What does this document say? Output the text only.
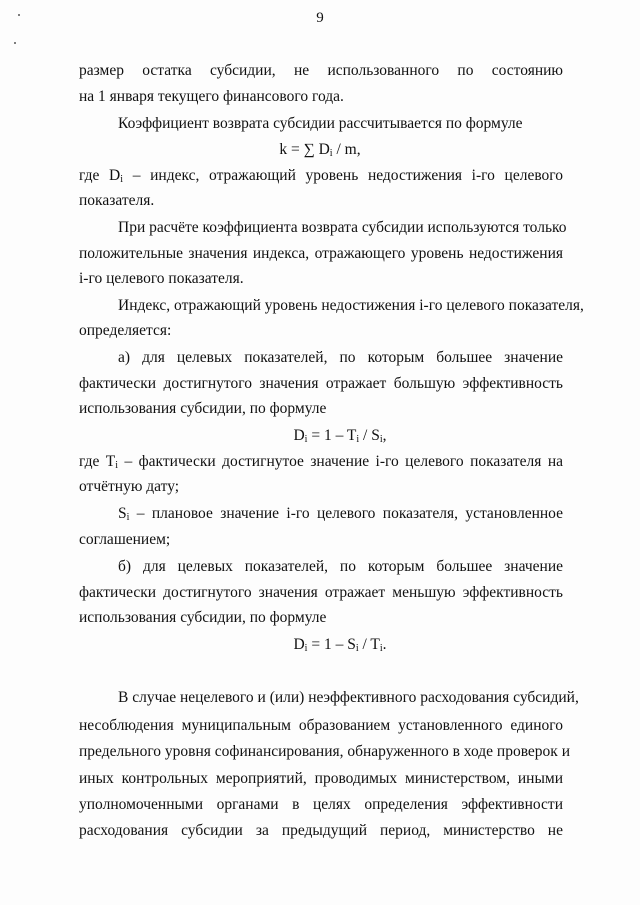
9
размер остатка субсидии, не использованного по состоянию
на 1 января текущего финансового года.
Коэффициент возврата субсидии рассчитывается по формуле
k = ∑ $D_i$ / m,
где $D_i$ – индекс, отражающий уровень недостижения i-го целевого
показателя.
При расчёте коэффициента возврата субсидии используются только
положительные значения индекса, отражающего уровень недостижения
i-го целевого показателя.
Индекс, отражающий уровень недостижения i-го целевого показателя,
определяется:
а) для целевых показателей, по которым большее значение
фактически достигнутого значения отражает большую эффективность
использования субсидии, по формуле
$D_i = 1 - T_i / S_i$,
где $T_i$ – фактически достигнутое значение i-го целевого показателя на
отчётную дату;
$S_i$ – плановое значение i-го целевого показателя, установленное
соглашением;
б) для целевых показателей, по которым большее значение
фактически достигнутого значения отражает меньшую эффективность
использования субсидии, по формуле
$D_i = 1 - S_i / T_i$.
В случае нецелевого и (или) неэффективного расходования субсидий,
несоблюдения муниципальным образованием установленного единого
предельного уровня софинансирования, обнаруженного в ходе проверок и
иных контрольных мероприятий, проводимых министерством, иными
уполномоченными органами в целях определения эффективности
расходования субсидии за предыдущий период, министерство не
